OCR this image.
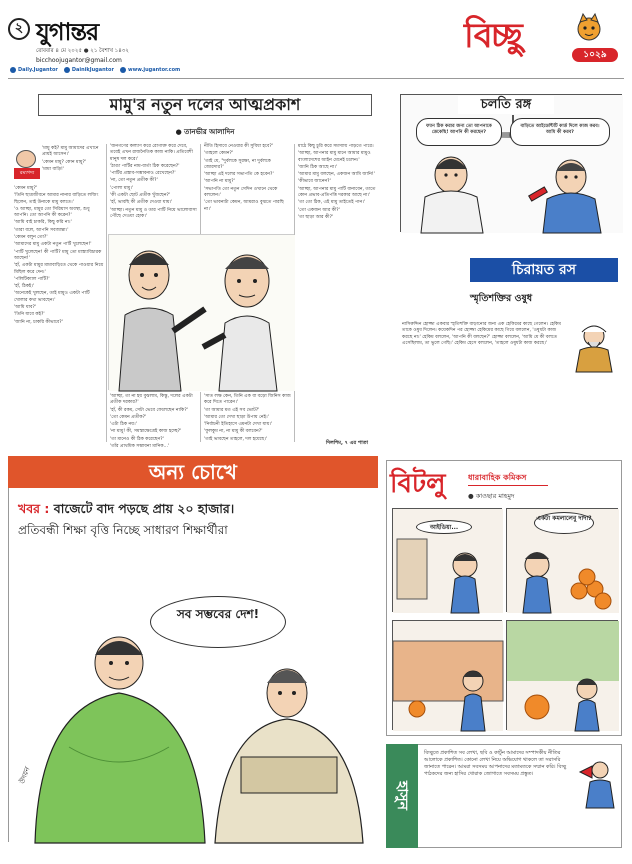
২ যুগান্তর
রোববার ৪ মে ২০২৫ ● ২১ বৈশাখ ১৪৩২
bicchoojugantor@gmail.com
Daily.Jugantor	DainikJugantor	www.jugantor.com
বিচ্ছু	১০২৯
মামু'র নতুন দলের আত্মপ্রকাশ
● তানভীর আলাদিন
রম্যগদ্য

'মামু কই? মামু আমাদের এখানে প্রায়ই আসেন।'

'কেমন মামু? কোন মামু?'

'মামা বাড়ি!'

'কেমন মামু?'

'তিনি ছাত্রজীবনে আমার নানার বাড়িতে লজিং ছিলেন, তাই উনাকে মামু বলতে।'

'ও আচ্ছা, মামুর তো সিরিয়াস অবস্থা, শুধু আপনি। তো আপনি কী করেন?'

'আমি বাই চাকরি, কিছু করি না।'

'তারা বলে, আপনি সবজান্তা।'

'কেমন বলুন তো?'

'আমাদের মামু একটা নতুন পার্টি খুলেছেন!'

'পার্টি খুলেছেন! কী পার্টি? মামু তো মাস্ত্যাবিচারক আছেন!'

'হাঁ, একটা মামুর মামাবাড়িতে থেকে পাওয়ার নিয়ে মিছিল করে দেন।'

'পলিটিক্যাল পার্টি?'

'হাঁ, ঠিকই।'

'অনেকেই খুলছেন, তাই মামুও একটা পার্টি খোলার কথা ভাবছেন।'

'আমি যাব?'

'তিনি যাবে কই?'

'জানি না, চাকরি কীভাবে?'

'জনগণের কল্যাণ করে রোগাক্ত করে দেবে, তবেই এখন রাজনৈতিক কাজ নাকি। প্রতিবেশী মানুষ দল করে।'

'ঠাণ্ডা পার্টির নাম-বার্তা ঠিক করেছেন?'

'পার্টির প্রস্তাব-সম্ভাবনাও রেখেছেন?'

'না, তো নতুন প্রতীক কী?'

'পোলা মামু।'

'কী একটা ছোট প্রতীক খুঁজছেন?'

'হাঁ, ভাবছি কী প্রতীক দেওয়া যায়।'

'আচ্ছা। নতুন মামু ও তার পার্টি নিয়ে ভালোবাসা পৌঁছে দেওয়া হোক।'

নীতি হিসাবে নেওয়ার কী সুবিধা হবে?'

'তাহলে কেমন?'

'তাই যে, "দুর্বলকে সুরক্ষা, না দুর্বলকে জোরদার?'

'আচ্ছা এই দলের সভাপতি কে হবেন?'

'আপনি না মামু?'

'সভাপতি তো নতুন সেদিন ওখানে থেকে বললেন।'

'তো ভাবনাটা কেমন, আমরাও বুঝতে পারছি না।'

মাঠে কিছু চুরি করে সমস্যায় পাড়তে পারে।

'আচ্ছা, আপনার মামু মানে আমার মামুও বাংলাদেশের আইন মেনেই চলেন।'

'জানি ঠিক আছে না।'

'আমার মামু বলছেন, একজন আমি জানি!'

'কীভাবে জানেন?'

'আচ্ছা, আপনার মামু পার্টি বানাবেন, তাতে কোন প্রভাব-প্রতিপত্তি দরকার আছে না।'

'তা তো ঠিক, এই মামু তাইতেই পান।'

'তো একজন আর কী?'

'তা ছাড়া আর কী?'

'আচ্ছা, তা না হয় বুঝলাম, কিন্তু, দলের একটা প্রতীক দরকার?'

'হাঁ, কী রকম, সেটা ভেবে ফেলেছেন নাকি?'

'তো কেমন প্রতীক?'

'এটা ঠিক নয়।'

'না মামু! কী, সমস্তাক্ষেত্রেই কাজ হচ্ছে?'

'তা মানেও কী ঠিক করেছেন?'

'তাঁর প্রাথমিক সম্ভাবনা মানিক...'

'সাত লক্ষ কেন, তিনি এক বা বড়ো জিনিস কাজ করে দিতে পারেন।'

'তা আমার মত এই সব ভোট?'

'আমার তো দেখা ছাড়া উপায় নেই।'

'নির্বাচনী ইতিহাসে এমনটা দেখা যায়।'

'ফুলকুম না, না মামু কী বলবেন?'

'তাই ভাবছেন তাহলে, দল হয়েছে।'

দিলশিম, ৭ এর পাতা
চলতি রঙ্গ
ফ্যান ঠিক করার জন্য তো আপনাকে ডেকেছি! আপনি কী করছেন?
বাড়িতে আইডেন্টিটি কার্ড দিলে কাজ করব। আমি কী করব?
চিরায়ত রস
স্মৃতিশক্তির ওষুধ
নাসিরুদ্দিন হোজ্জা একবার স্মৃতিশক্তি বাড়ানোর জন্য এক হেকিমের কাছে গেলেন। হেকিম তাকে ওষুধ দিলেন। কয়েকদিন পর হোজ্জা হেকিমের কাছে গিয়ে বললেন, 'ওষুধটা কাজ করছে না।' হেকিম বললেন, 'আপনি কী বলছেন?' হোজ্জা বললেন, 'আমি যে কী বলতে এসেছিলাম, তা ভুলে গেছি।' হেকিম হেসে বললেন, 'তাহলে ওষুধটা কাজ করছে।'
অন্য চোখে
খবর : বাজেটে বাদ পড়ছে প্রায় ২০ হাজার।
প্রতিবন্ধী শিক্ষা বৃত্তি নিচ্ছে সাধারণ শিক্ষার্থীরা
সব সম্ভবের দেশ!
উদয়ন
বিটলু	ধারাবাহিক কমিকস
● কাওছার মাহমুদ
আইডিয়া...
একটা কমলালেবু দাদা?
হাসুন
বিচ্ছুতে প্রকাশিত সব লেখা, ছবি ও কার্টুন আমাদের সম্পাদকীয় নীতির আলোকে প্রকাশিত। কোনো লেখা নিয়ে অভিযোগ থাকলে তা সরাসরি জানাতে পারেন। আমরা সবসময় আপনাদের মতামতকে সম্মান করি। বিচ্ছু পাঠকদের জন্য হাসির খোরাক জোগাতে সবসময় প্রস্তুত।
